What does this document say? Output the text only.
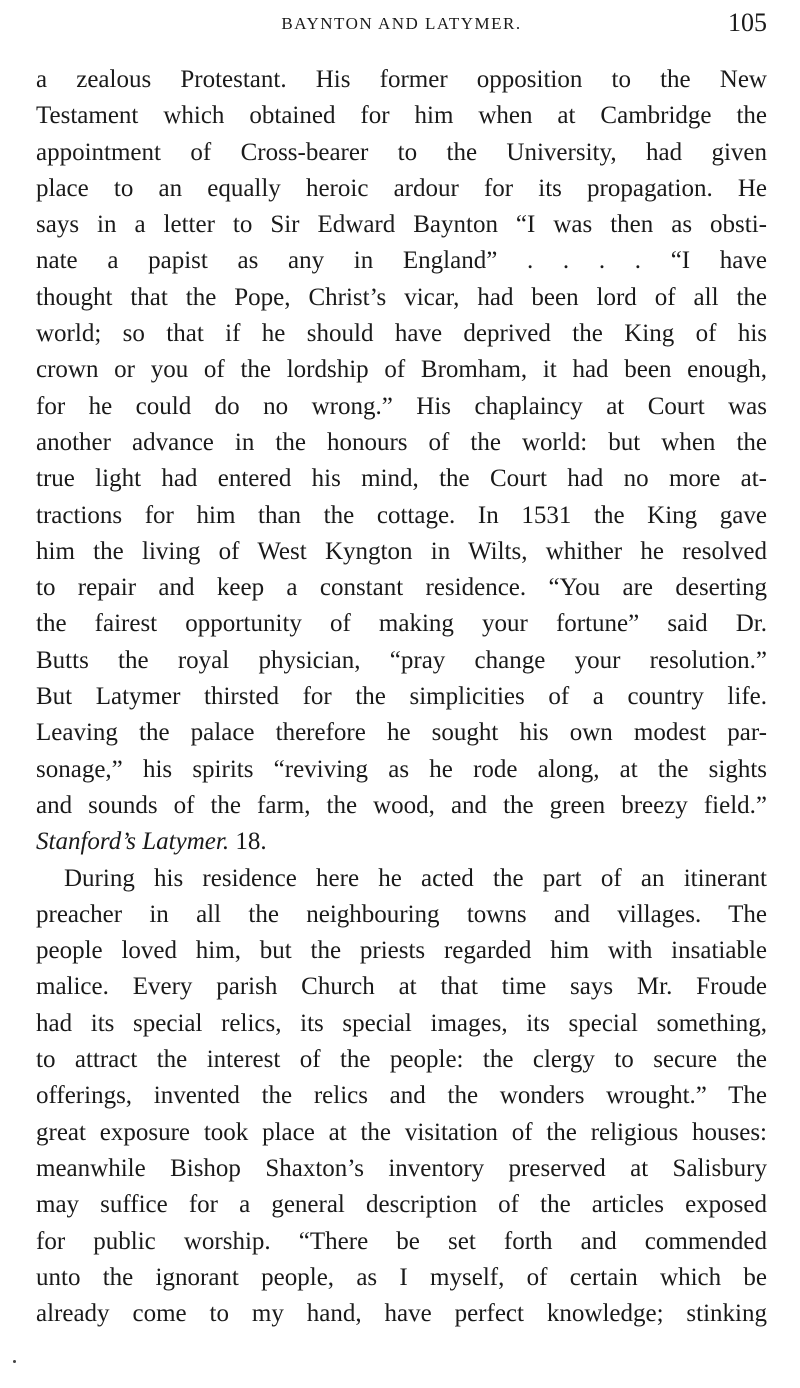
BAYNTON AND LATYMER.	105
a zealous Protestant. His former opposition to the New
Testament which obtained for him when at Cambridge the
appointment of Cross-bearer to the University, had given
place to an equally heroic ardour for its propagation. He
says in a letter to Sir Edward Baynton “I was then as obsti-
nate a papist as any in England” . . . . “I have
thought that the Pope, Christ’s vicar, had been lord of all the
world; so that if he should have deprived the King of his
crown or you of the lordship of Bromham, it had been enough,
for he could do no wrong.” His chaplaincy at Court was
another advance in the honours of the world: but when the
true light had entered his mind, the Court had no more at-
tractions for him than the cottage. In 1531 the King gave
him the living of West Kyngton in Wilts, whither he resolved
to repair and keep a constant residence. “You are deserting
the fairest opportunity of making your fortune” said Dr.
Butts the royal physician, “pray change your resolution.”
But Latymer thirsted for the simplicities of a country life.
Leaving the palace therefore he sought his own modest par-
sonage,” his spirits “reviving as he rode along, at the sights
and sounds of the farm, the wood, and the green breezy field.”
Stanford’s Latymer. 18.
During his residence here he acted the part of an itinerant
preacher in all the neighbouring towns and villages. The
people loved him, but the priests regarded him with insatiable
malice. Every parish Church at that time says Mr. Froude
had its special relics, its special images, its special something,
to attract the interest of the people: the clergy to secure the
offerings, invented the relics and the wonders wrought.” The
great exposure took place at the visitation of the religious houses:
meanwhile Bishop Shaxton’s inventory preserved at Salisbury
may suffice for a general description of the articles exposed
for public worship. “There be set forth and commended
unto the ignorant people, as I myself, of certain which be
already come to my hand, have perfect knowledge; stinking
